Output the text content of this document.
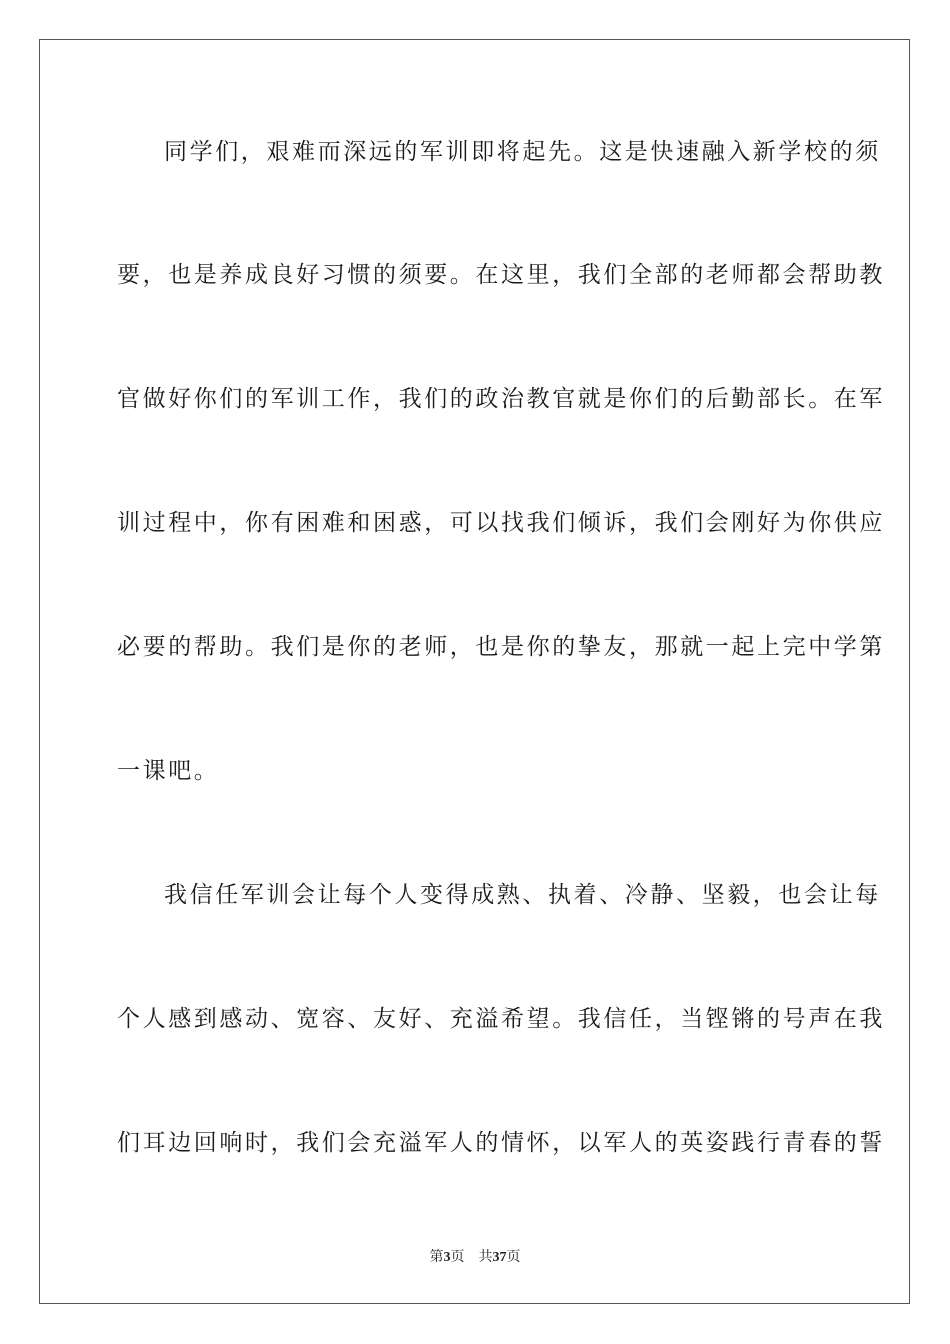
同学们，艰难而深远的军训即将起先。这是快速融入新学校的须
要，也是养成良好习惯的须要。在这里，我们全部的老师都会帮助教
官做好你们的军训工作，我们的政治教官就是你们的后勤部长。在军
训过程中，你有困难和困惑，可以找我们倾诉，我们会刚好为你供应
必要的帮助。我们是你的老师，也是你的挚友，那就一起上完中学第
一课吧。
我信任军训会让每个人变得成熟、执着、冷静、坚毅，也会让每
个人感到感动、宽容、友好、充溢希望。我信任，当铿锵的号声在我
们耳边回响时，我们会充溢军人的情怀，以军人的英姿践行青春的誓
第3页 共37页
